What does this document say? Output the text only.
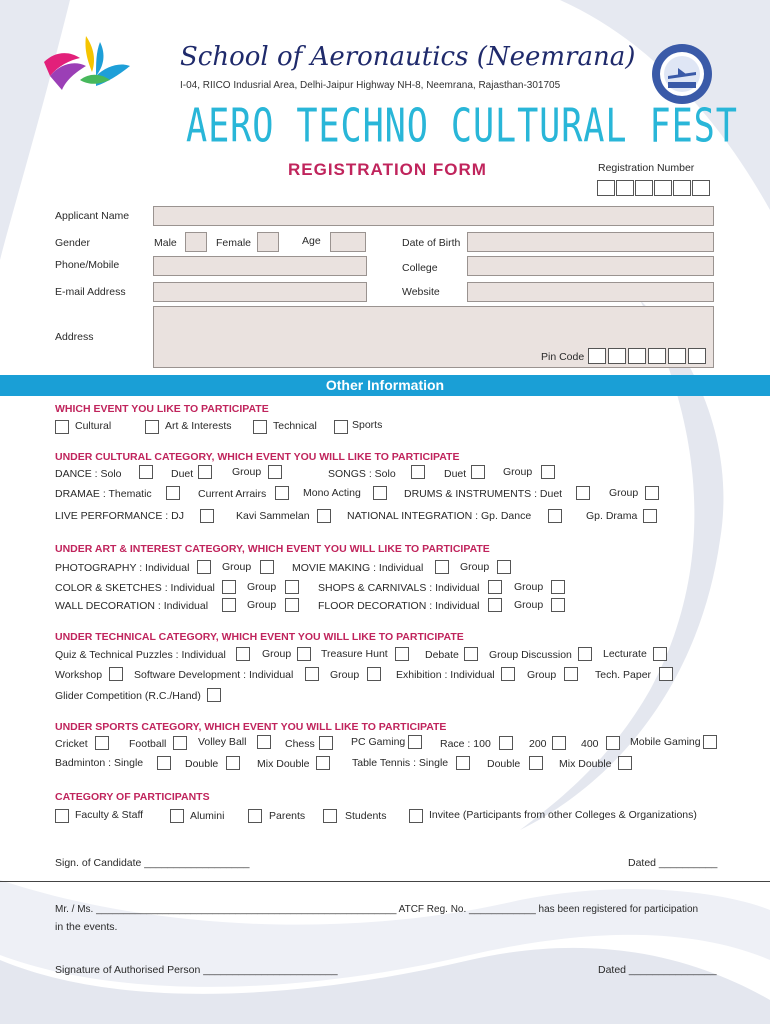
School of Aeronautics (Neemrana)
I-04, RIICO Indusrial Area, Delhi-Jaipur Highway NH-8, Neemrana, Rajasthan-301705
AERO TECHNO CULTURAL FEST
REGISTRATION FORM	Registration Number
Applicant Name
Gender	Male	Female	Age	Date of Birth
Phone/Mobile	College
E-mail Address	Website
Address
Pin Code
Other Information
WHICH EVENT YOU LIKE TO PARTICIPATE
Cultural	Art & Interests	Technical	Sports
UNDER CULTURAL CATEGORY, WHICH EVENT YOU WILL LIKE TO PARTICIPATE
DANCE : Solo	Duet	Group	SONGS : Solo	Duet	Group
DRAMAE : Thematic	Current Arrairs	Mono Acting	DRUMS & INSTRUMENTS : Duet	Group
LIVE PERFORMANCE : DJ	Kavi Sammelan	NATIONAL INTEGRATION : Gp. Dance	Gp. Drama
UNDER ART & INTEREST CATEGORY, WHICH EVENT YOU WILL LIKE TO PARTICIPATE
PHOTOGRAPHY : Individual	Group	MOVIE MAKING : Individual	Group
COLOR & SKETCHES : Individual	Group	SHOPS & CARNIVALS : Individual	Group
WALL DECORATION : Individual	Group	FLOOR DECORATION : Individual	Group
UNDER TECHNICAL CATEGORY, WHICH EVENT YOU WILL LIKE TO PARTICIPATE
Quiz & Technical Puzzles : Individual	Group	Treasure Hunt	Debate	Group Discussion	Lecturate
Workshop	Software Development : Individual	Group	Exhibition : Individual	Group	Tech. Paper
Glider Competition (R.C./Hand)
UNDER SPORTS CATEGORY, WHICH EVENT YOU WILL LIKE TO PARTICIPATE
Cricket	Football	Volley Ball	Chess	PC Gaming	Race : 100	200	400	Mobile Gaming
Badminton : Single	Double	Mix Double	Table Tennis : Single	Double	Mix Double
CATEGORY OF PARTICIPANTS
Faculty & Staff	Alumini	Parents	Students	Invitee (Participants from other Colleges & Organizations)
Sign. of Candidate __________________	Dated __________
Mr. / Ms. ______________________________________________________ ATCF Reg. No. ____________ has been registered for participation
in the events.
Signature of Authorised Person _______________________	Dated _______________
